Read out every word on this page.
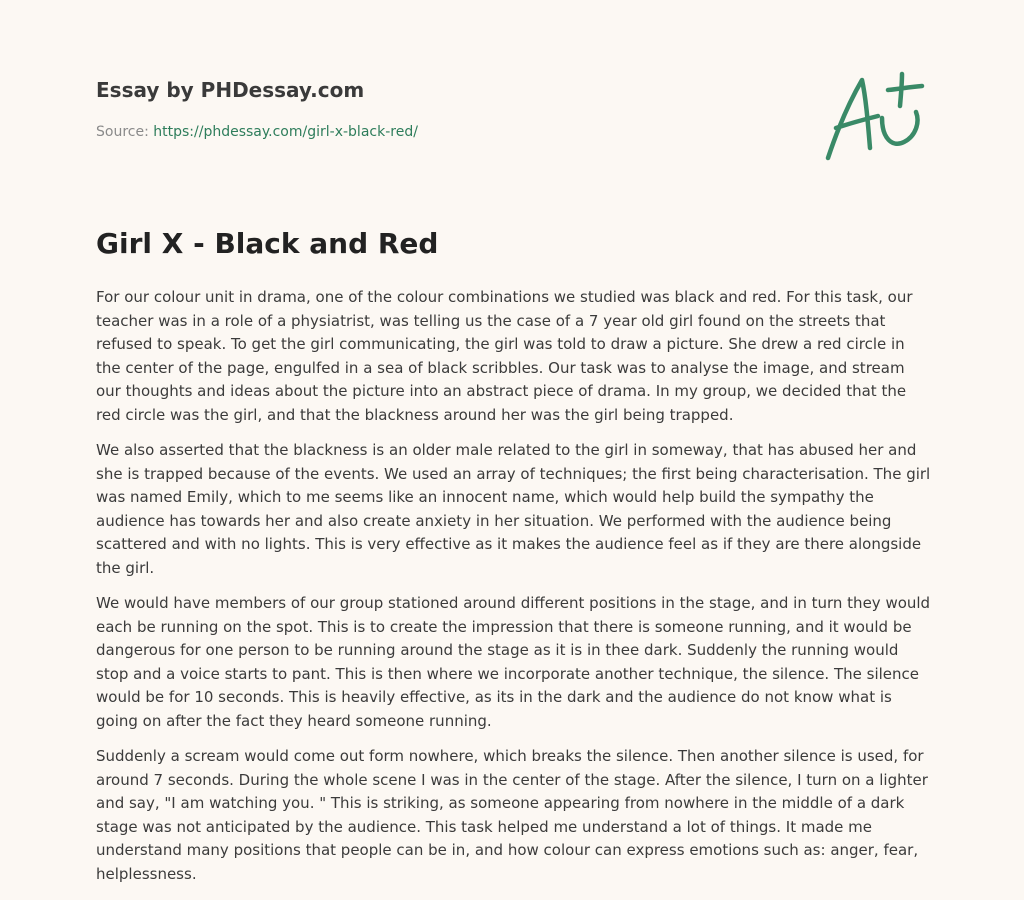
Essay by PHDessay.com
Source: https://phdessay.com/girl-x-black-red/
Girl X - Black and Red

For our colour unit in drama, one of the colour combinations we studied was black and red. For this task, our teacher was in a role of a physiatrist, was telling us the case of a 7 year old girl found on the streets that refused to speak. To get the girl communicating, the girl was told to draw a picture. She drew a red circle in the center of the page, engulfed in a sea of black scribbles. Our task was to analyse the image, and stream our thoughts and ideas about the picture into an abstract piece of drama. In my group, we decided that the red circle was the girl, and that the blackness around her was the girl being trapped.

We also asserted that the blackness is an older male related to the girl in someway, that has abused her and she is trapped because of the events. We used an array of techniques; the first being characterisation. The girl was named Emily, which to me seems like an innocent name, which would help build the sympathy the audience has towards her and also create anxiety in her situation. We performed with the audience being scattered and with no lights. This is very effective as it makes the audience feel as if they are there alongside the girl.

We would have members of our group stationed around different positions in the stage, and in turn they would each be running on the spot. This is to create the impression that there is someone running, and it would be dangerous for one person to be running around the stage as it is in thee dark. Suddenly the running would stop and a voice starts to pant. This is then where we incorporate another technique, the silence. The silence would be for 10 seconds. This is heavily effective, as its in the dark and the audience do not know what is going on after the fact they heard someone running.

Suddenly a scream would come out form nowhere, which breaks the silence. Then another silence is used, for around 7 seconds. During the whole scene I was in the center of the stage. After the silence, I turn on a lighter and say, "I am watching you. " This is striking, as someone appearing from nowhere in the middle of a dark stage was not anticipated by the audience. This task helped me understand a lot of things. It made me understand many positions that people can be in, and how colour can express emotions such as: anger, fear, helplessness.
